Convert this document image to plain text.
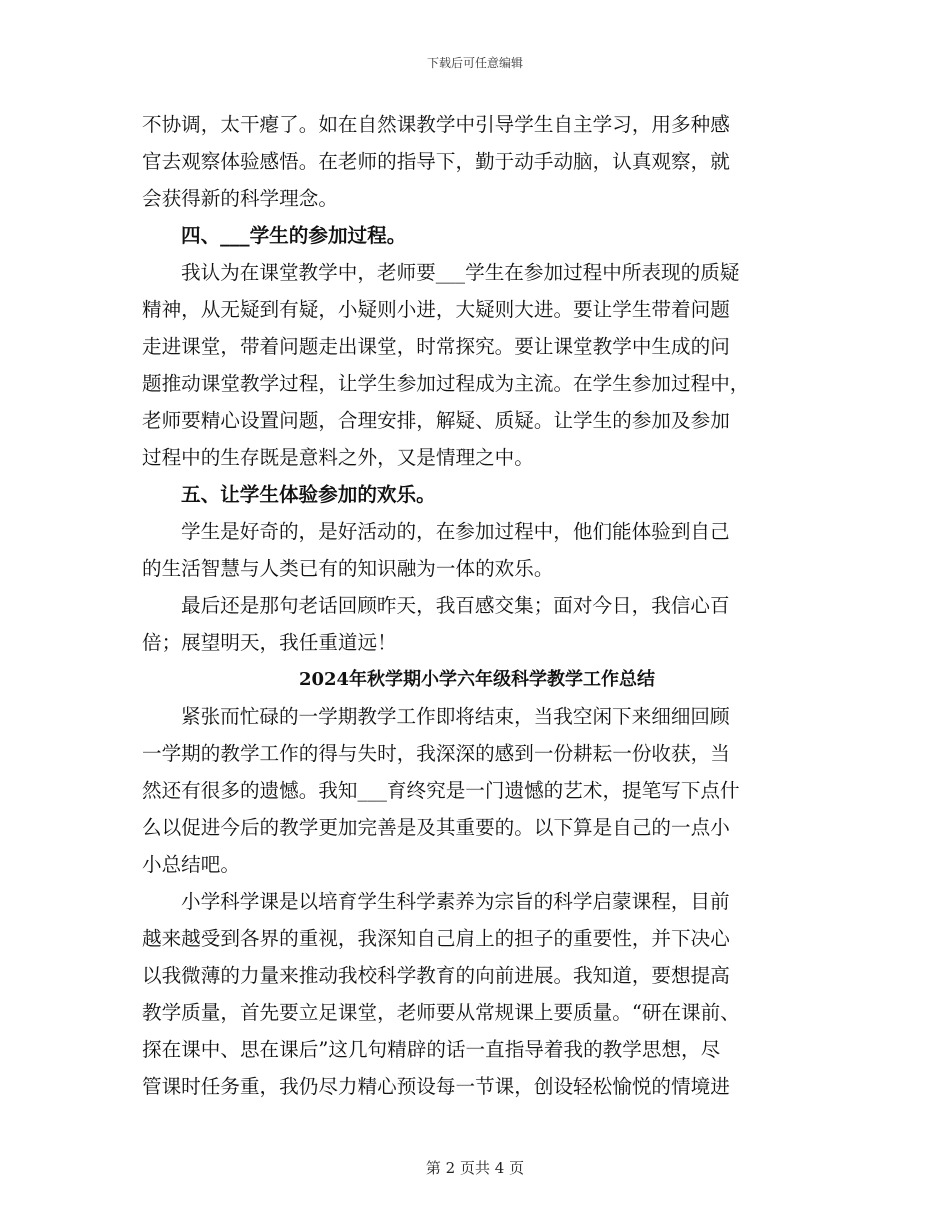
下载后可任意编辑
不协调，太干瘪了。如在自然课教学中引导学生自主学习，用多种感
官去观察体验感悟。在老师的指导下，勤于动手动脑，认真观察，就
会获得新的科学理念。
四、___学生的参加过程。
我认为在课堂教学中，老师要___学生在参加过程中所表现的质疑
精神，从无疑到有疑，小疑则小进，大疑则大进。要让学生带着问题
走进课堂，带着问题走出课堂，时常探究。要让课堂教学中生成的问
题推动课堂教学过程，让学生参加过程成为主流。在学生参加过程中，
老师要精心设置问题，合理安排，解疑、质疑。让学生的参加及参加
过程中的生存既是意料之外，又是情理之中。
五、让学生体验参加的欢乐。
学生是好奇的，是好活动的，在参加过程中，他们能体验到自己
的生活智慧与人类已有的知识融为一体的欢乐。
最后还是那句老话回顾昨天，我百感交集；面对今日，我信心百
倍；展望明天，我任重道远！
2024年秋学期小学六年级科学教学工作总结
紧张而忙碌的一学期教学工作即将结束，当我空闲下来细细回顾
一学期的教学工作的得与失时，我深深的感到一份耕耘一份收获，当
然还有很多的遗憾。我知___育终究是一门遗憾的艺术，提笔写下点什
么以促进今后的教学更加完善是及其重要的。以下算是自己的一点小
小总结吧。
小学科学课是以培育学生科学素养为宗旨的科学启蒙课程，目前
越来越受到各界的重视，我深知自己肩上的担子的重要性，并下决心
以我微薄的力量来推动我校科学教育的向前进展。我知道，要想提高
教学质量，首先要立足课堂，老师要从常规课上要质量。“研在课前、
探在课中、思在课后”这几句精辟的话一直指导着我的教学思想，尽
管课时任务重，我仍尽力精心预设每一节课，创设轻松愉悦的情境进
第 2 页共 4 页
